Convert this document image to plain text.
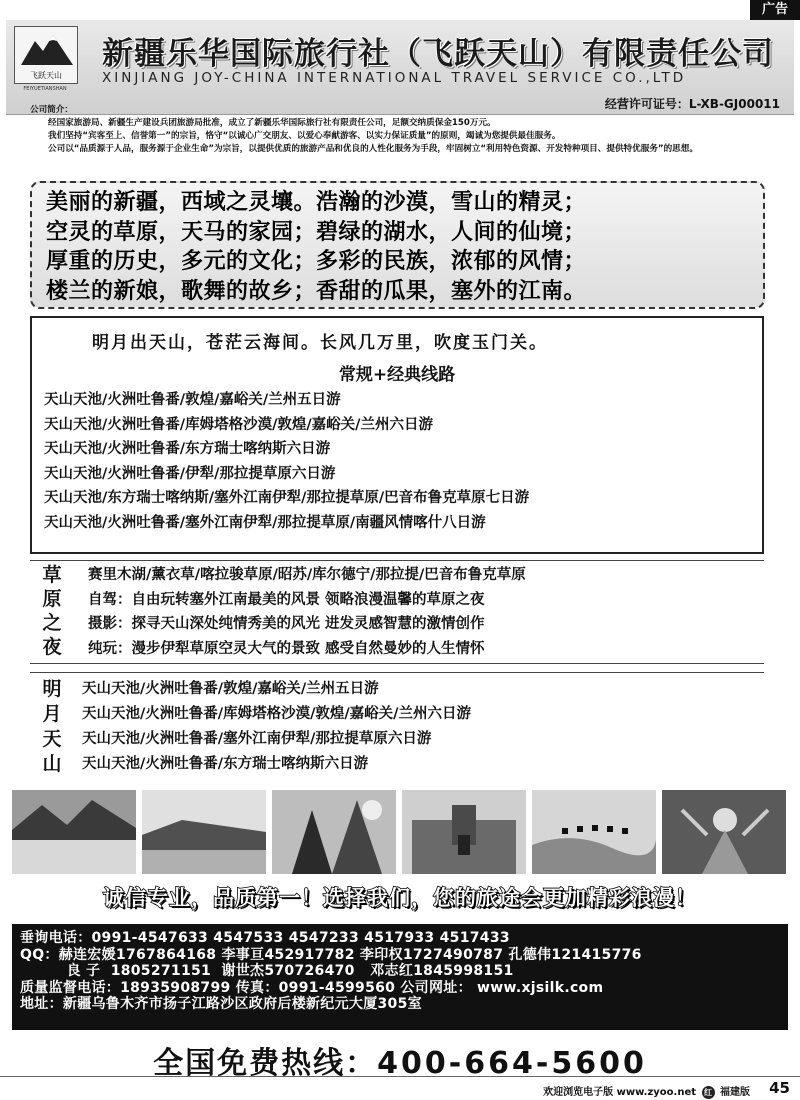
广告
飞跃天山
FEIYUETIANSHAN
新疆乐华国际旅行社（飞跃天山）有限责任公司
XINJIANG JOY-CHINA INTERNATIONAL TRAVEL SERVICE CO.,LTD
经营许可证号：L-XB-GJ00011
公司简介：

经国家旅游局、新疆生产建设兵团旅游局批准，成立了新疆乐华国际旅行社有限责任公司，足额交纳质保金150万元。

我们坚持“宾客至上、信誉第一”的宗旨，恪守“以诚心广交朋友、以爱心奉献游客、以实力保证质量”的原则，竭诚为您提供最佳服务。

公司以“品质源于人品，服务源于企业生命”为宗旨，以提供优质的旅游产品和优良的人性化服务为手段，牢固树立“利用特色资源、开发特种项目、提供特优服务”的思想。

美丽的新疆，西域之灵壤。浩瀚的沙漠，雪山的精灵；
空灵的草原，天马的家园；碧绿的湖水，人间的仙境；
厚重的历史，多元的文化；多彩的民族，浓郁的风情；
楼兰的新娘，歌舞的故乡；香甜的瓜果，塞外的江南。
明月出天山，苍茫云海间。长风几万里，吹度玉门关。
常规+经典线路
天山天池/火洲吐鲁番/敦煌/嘉峪关/兰州五日游
天山天池/火洲吐鲁番/库姆塔格沙漠/敦煌/嘉峪关/兰州六日游
天山天池/火洲吐鲁番/东方瑞士喀纳斯六日游
天山天池/火洲吐鲁番/伊犁/那拉提草原六日游
天山天池/东方瑞士喀纳斯/塞外江南伊犁/那拉提草原/巴音布鲁克草原七日游
天山天池/火洲吐鲁番/塞外江南伊犁/那拉提草原/南疆风情喀什八日游
草
原
之
夜
赛里木湖/薰衣草/喀拉骏草原/昭苏/库尔德宁/那拉提/巴音布鲁克草原
自驾：自由玩转塞外江南最美的风景 领略浪漫温馨的草原之夜
摄影：探寻天山深处纯情秀美的风光 进发灵感智慧的激情创作
纯玩：漫步伊犁草原空灵大气的景致 感受自然曼妙的人生情怀
明
月
天
山
天山天池/火洲吐鲁番/敦煌/嘉峪关/兰州五日游
天山天池/火洲吐鲁番/库姆塔格沙漠/敦煌/嘉峪关/兰州六日游
天山天池/火洲吐鲁番/塞外江南伊犁/那拉提草原六日游
天山天池/火洲吐鲁番/东方瑞士喀纳斯六日游
诚信专业，品质第一！选择我们，您的旅途会更加精彩浪漫！
垂询电话：0991-4547633 4547533 4547233 4517933 4517433
QQ：赫连宏媛1767864168 李事亘452917782 李印权1727490787 孔德伟121415776
良 子  1805271151  谢世杰570726470   邓志红1845998151
质量监督电话：18935908799 传真：0991-4599560 公司网址： www.xjsilk.com
地址：新疆乌鲁木齐市扬子江路沙区政府后楼新纪元大厦305室
全国免费热线：400-664-5600
欢迎浏览电子版 www.zyoo.net 红 福建版 45
